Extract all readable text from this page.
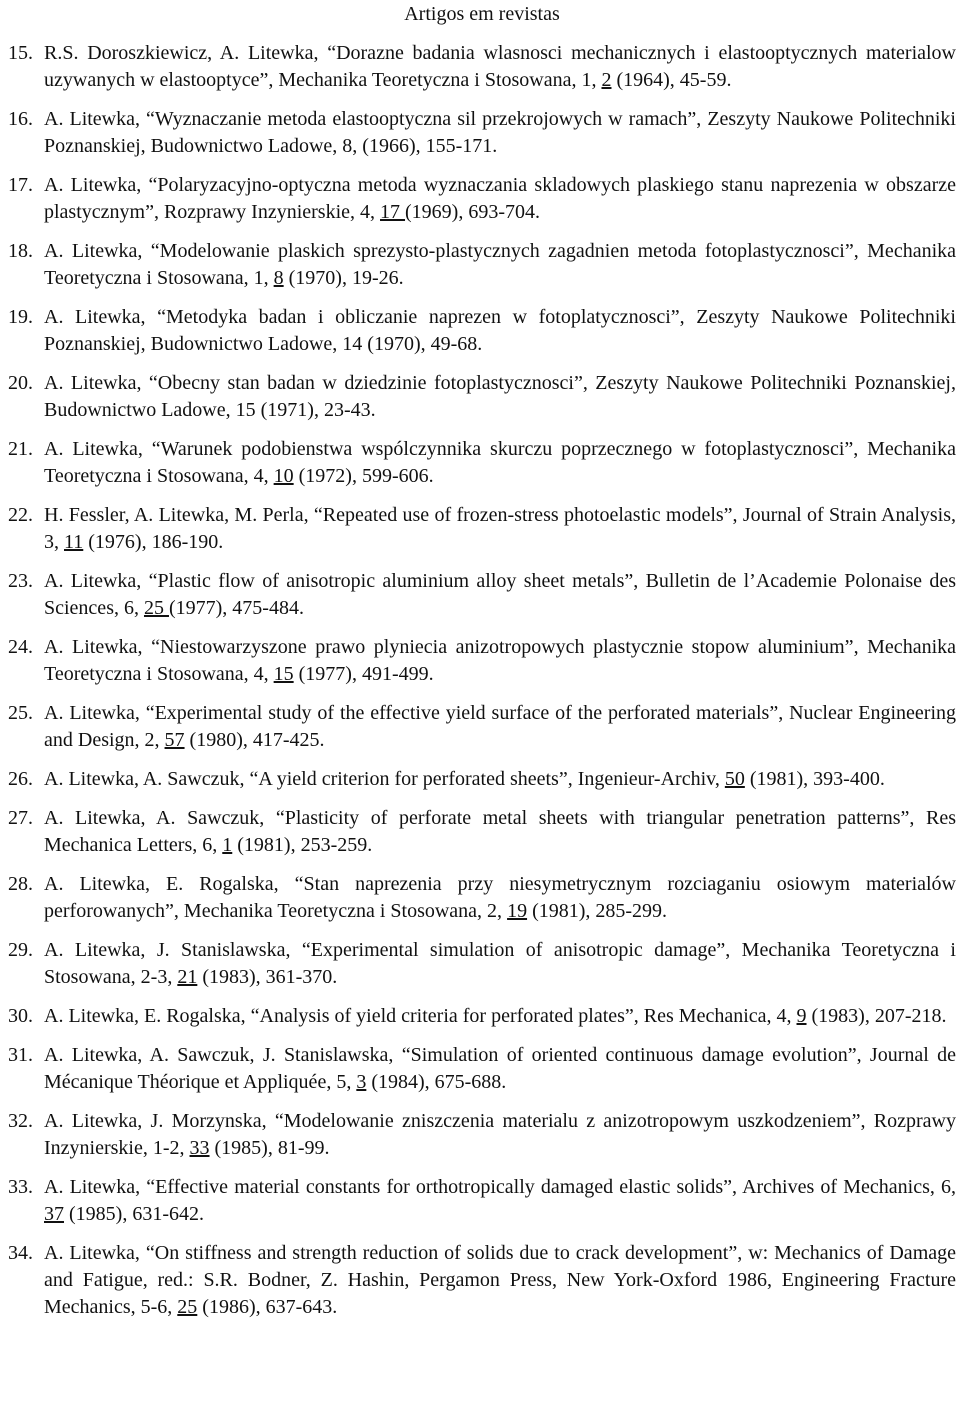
Artigos em revistas
15. R.S. Doroszkiewicz, A. Litewka, “Dorazne badania wlasnosci mechanicznych i elastooptycznych materialow uzywanych w elastooptyce”, Mechanika Teoretyczna i Stosowana, 1, 2 (1964), 45-59.
16. A. Litewka, “Wyznaczanie metoda elastooptyczna sil przekrojowych w ramach”, Zeszyty Naukowe Politechniki Poznanskiej, Budownictwo Ladowe, 8, (1966), 155-171.
17. A. Litewka, “Polaryzacyjno-optyczna metoda wyznaczania skladowych plaskiego stanu naprezenia w obszarze plastycznym”, Rozprawy Inzynierskie, 4, 17 (1969), 693-704.
18. A. Litewka, “Modelowanie plaskich sprezysto-plastycznych zagadnien metoda fotoplastycznosci”, Mechanika Teoretyczna i Stosowana, 1, 8 (1970), 19-26.
19. A. Litewka, “Metodyka badan i obliczanie naprezen w fotoplatycznosci”, Zeszyty Naukowe Politechniki Poznanskiej, Budownictwo Ladowe, 14 (1970), 49-68.
20. A. Litewka, “Obecny stan badan w dziedzinie fotoplastycznosci”, Zeszyty Naukowe Politechniki Poznanskiej, Budownictwo Ladowe, 15 (1971), 23-43.
21. A. Litewka, “Warunek podobienstwa wspólczynnika skurczu poprzecznego w fotoplastycznosci”, Mechanika Teoretyczna i Stosowana, 4, 10 (1972), 599-606.
22. H. Fessler, A. Litewka, M. Perla, “Repeated use of frozen-stress photoelastic models”, Journal of Strain Analysis, 3, 11 (1976), 186-190.
23. A. Litewka, “Plastic flow of anisotropic aluminium alloy sheet metals”, Bulletin de l’Academie Polonaise des Sciences, 6, 25 (1977), 475-484.
24. A. Litewka, “Niestowarzyszone prawo plyniecia anizotropowych plastycznie stopow aluminium”, Mechanika Teoretyczna i Stosowana, 4, 15 (1977), 491-499.
25. A. Litewka, “Experimental study of the effective yield surface of the perforated materials”, Nuclear Engineering and Design, 2, 57 (1980), 417-425.
26. A. Litewka, A. Sawczuk, “A yield criterion for perforated sheets”, Ingenieur-Archiv, 50 (1981), 393-400.
27. A. Litewka, A. Sawczuk, “Plasticity of perforate metal sheets with triangular penetration patterns”, Res Mechanica Letters, 6, 1 (1981), 253-259.
28. A. Litewka, E. Rogalska, “Stan naprezenia przy niesymetrycznym rozciaganiu osiowym materialów perforowanych”, Mechanika Teoretyczna i Stosowana, 2, 19 (1981), 285-299.
29. A. Litewka, J. Stanislawska, “Experimental simulation of anisotropic damage”, Mechanika Teoretyczna i Stosowana, 2-3, 21 (1983), 361-370.
30. A. Litewka, E. Rogalska, “Analysis of yield criteria for perforated plates”, Res Mechanica, 4, 9 (1983), 207-218.
31. A. Litewka, A. Sawczuk, J. Stanislawska, “Simulation of oriented continuous damage evolution”, Journal de Mécanique Théorique et Appliquée, 5, 3 (1984), 675-688.
32. A. Litewka, J. Morzynska, “Modelowanie zniszczenia materialu z anizotropowym uszkodzeniem”, Rozprawy Inzynierskie, 1-2, 33 (1985), 81-99.
33. A. Litewka, “Effective material constants for orthotropically damaged elastic solids”, Archives of Mechanics, 6, 37 (1985), 631-642.
34. A. Litewka, “On stiffness and strength reduction of solids due to crack development”, w: Mechanics of Damage and Fatigue, red.: S.R. Bodner, Z. Hashin, Pergamon Press, New York-Oxford 1986, Engineering Fracture Mechanics, 5-6, 25 (1986), 637-643.
